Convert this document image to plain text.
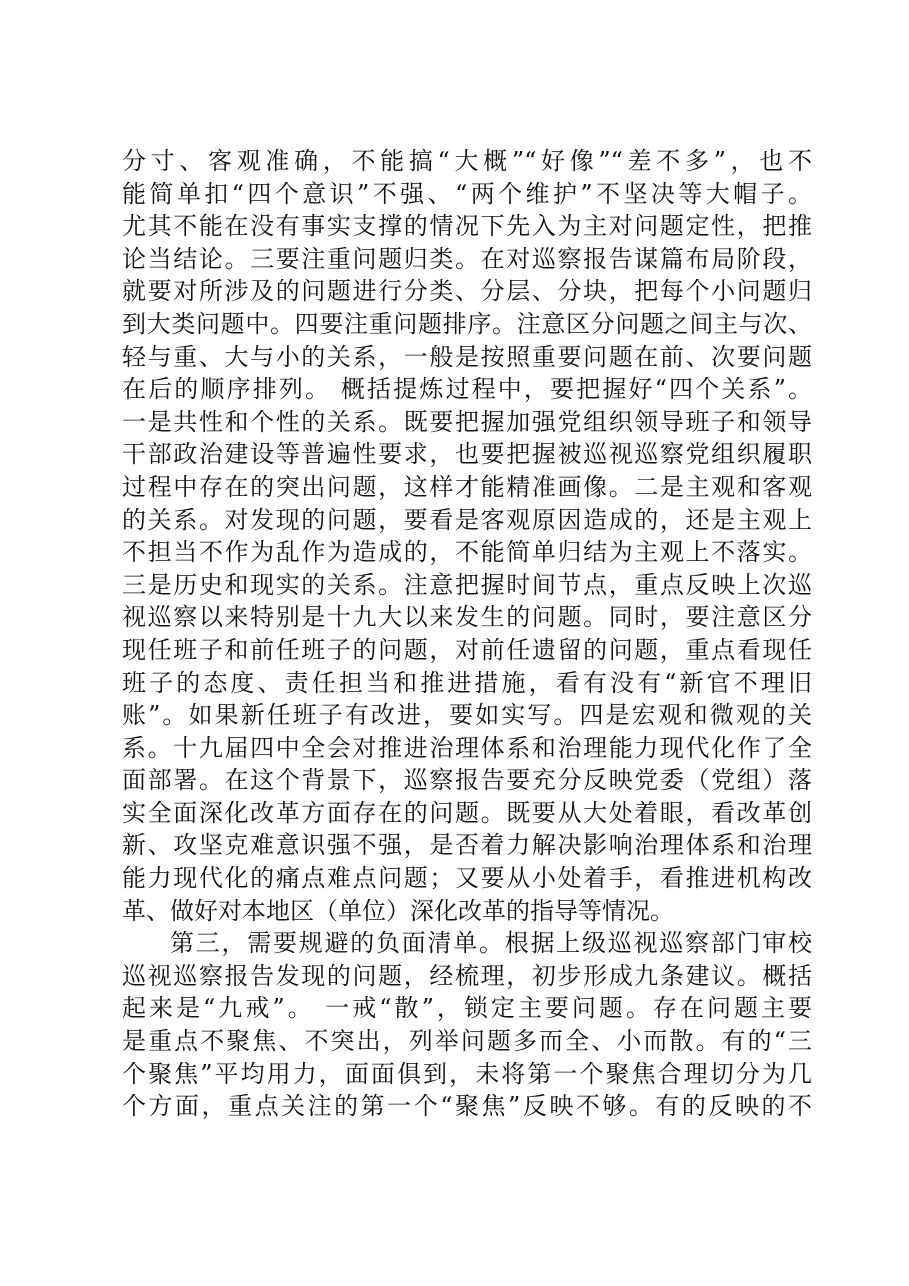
分寸、客观准确，不能搞“大概”“好像”“差不多”，也不
能简单扣“四个意识”不强、“两个维护”不坚决等大帽子。
尤其不能在没有事实支撑的情况下先入为主对问题定性，把推
论当结论。三要注重问题归类。在对巡察报告谋篇布局阶段，
就要对所涉及的问题进行分类、分层、分块，把每个小问题归
到大类问题中。四要注重问题排序。注意区分问题之间主与次、
轻与重、大与小的关系，一般是按照重要问题在前、次要问题
在后的顺序排列。 概括提炼过程中，要把握好“四个关系”。
一是共性和个性的关系。既要把握加强党组织领导班子和领导
干部政治建设等普遍性要求，也要把握被巡视巡察党组织履职
过程中存在的突出问题，这样才能精准画像。二是主观和客观
的关系。对发现的问题，要看是客观原因造成的，还是主观上
不担当不作为乱作为造成的，不能简单归结为主观上不落实。
三是历史和现实的关系。注意把握时间节点，重点反映上次巡
视巡察以来特别是十九大以来发生的问题。同时，要注意区分
现任班子和前任班子的问题，对前任遗留的问题，重点看现任
班子的态度、责任担当和推进措施，看有没有“新官不理旧
账”。如果新任班子有改进，要如实写。四是宏观和微观的关
系。十九届四中全会对推进治理体系和治理能力现代化作了全
面部署。在这个背景下，巡察报告要充分反映党委（党组）落
实全面深化改革方面存在的问题。既要从大处着眼，看改革创
新、攻坚克难意识强不强，是否着力解决影响治理体系和治理
能力现代化的痛点难点问题；又要从小处着手，看推进机构改
革、做好对本地区（单位）深化改革的指导等情况。
第三，需要规避的负面清单。根据上级巡视巡察部门审校
巡视巡察报告发现的问题，经梳理，初步形成九条建议。概括
起来是“九戒”。 一戒“散”，锁定主要问题。存在问题主要
是重点不聚焦、不突出，列举问题多而全、小而散。有的“三
个聚焦”平均用力，面面俱到，未将第一个聚焦合理切分为几
个方面，重点关注的第一个“聚焦”反映不够。有的反映的不
